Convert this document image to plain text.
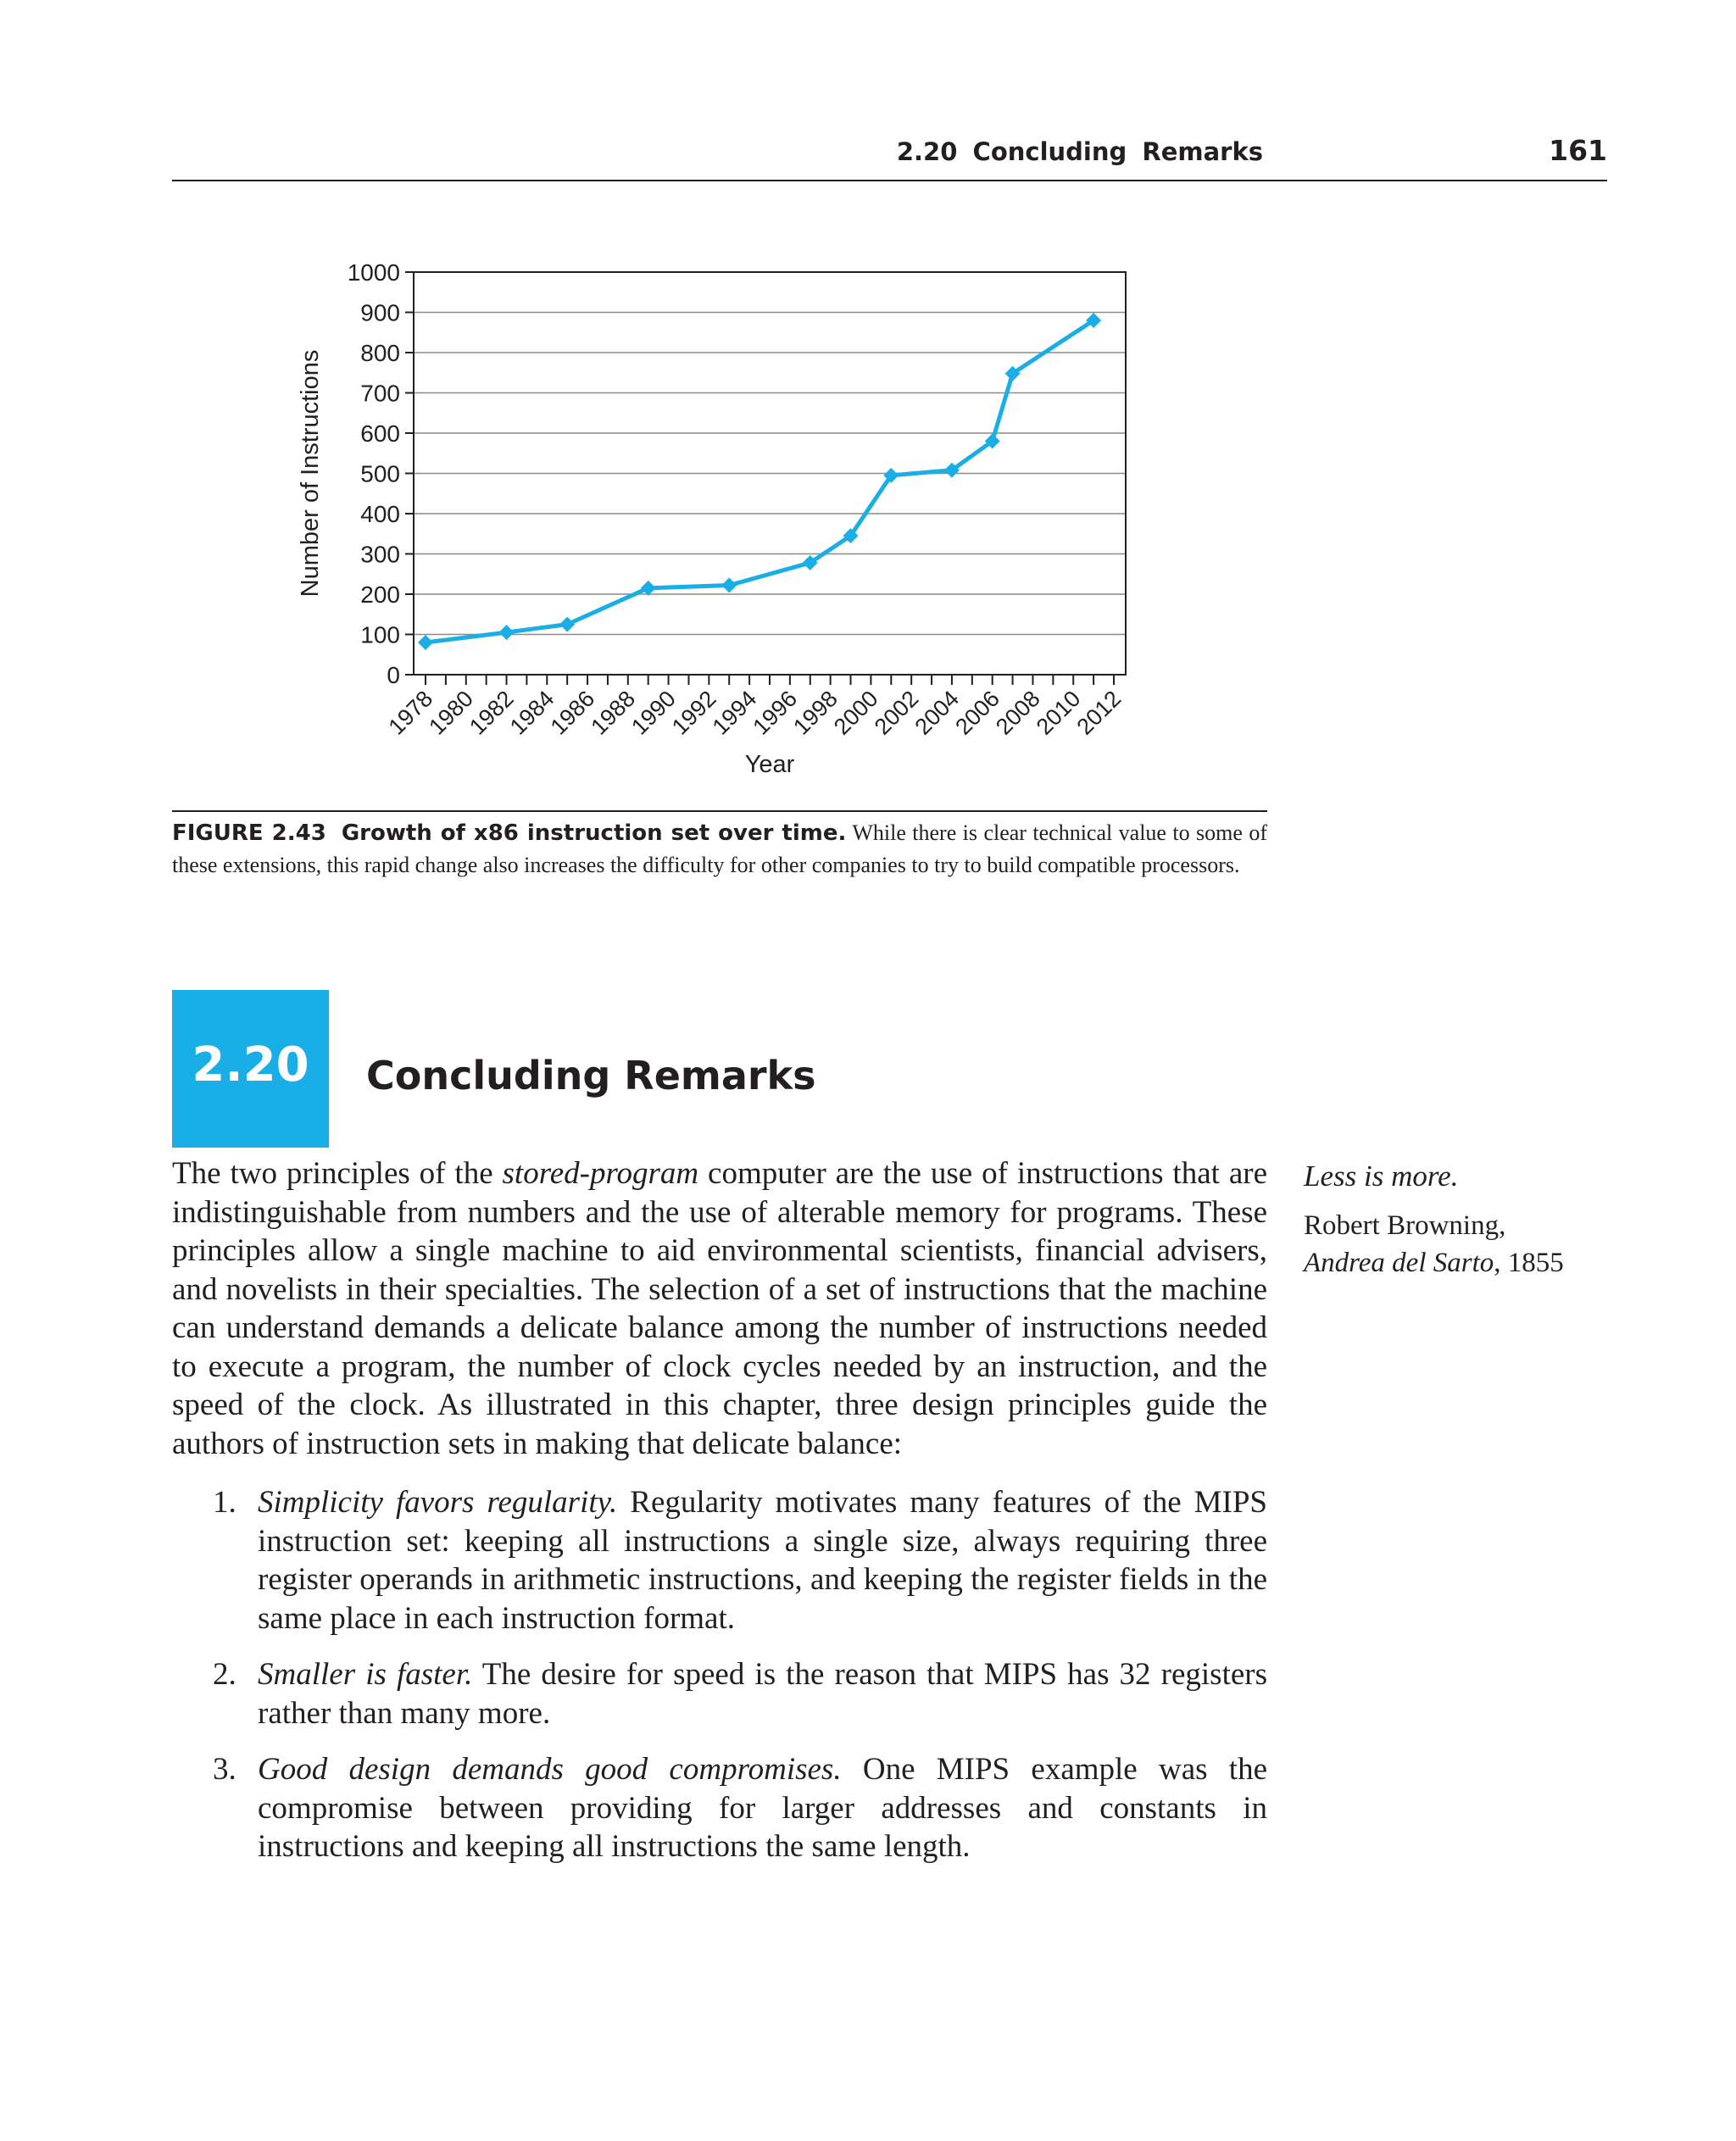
2.20 Concluding Remarks	161
0
100
200
300
400
500
600
700
800
900
1000
1978
1980
1982
1984
1986
1988
1990
1992
1994
1996
1998
2000
2002
2004
2006
2008
2010
2012
Year
Number of Instructions
FIGURE 2.43 Growth of x86 instruction set over time. While there is clear technical value to some of these extensions, this rapid change also increases the difficulty for other companies to try to build compatible processors.
2.20	Concluding Remarks

The two principles of the stored-program computer are the use of instructions that are indistinguishable from numbers and the use of alterable memory for programs. These principles allow a single machine to aid environmental scientists, financial advisers, and novelists in their specialties. The selection of a set of instructions that the machine can understand demands a delicate balance among the number of instructions needed to execute a program, the number of clock cycles needed by an instruction, and the speed of the clock. As illustrated in this chapter, three design principles guide the authors of instruction sets in making that delicate balance:

1. Simplicity favors regularity. Regularity motivates many features of the MIPS instruction set: keeping all instructions a single size, always requiring three register operands in arithmetic instructions, and keeping the register fields in the same place in each instruction format.
2. Smaller is faster. The desire for speed is the reason that MIPS has 32 registers rather than many more.
3. Good design demands good compromises. One MIPS example was the compromise between providing for larger addresses and constants in instructions and keeping all instructions the same length.
Less is more.
Robert Browning,
Andrea del Sarto, 1855
